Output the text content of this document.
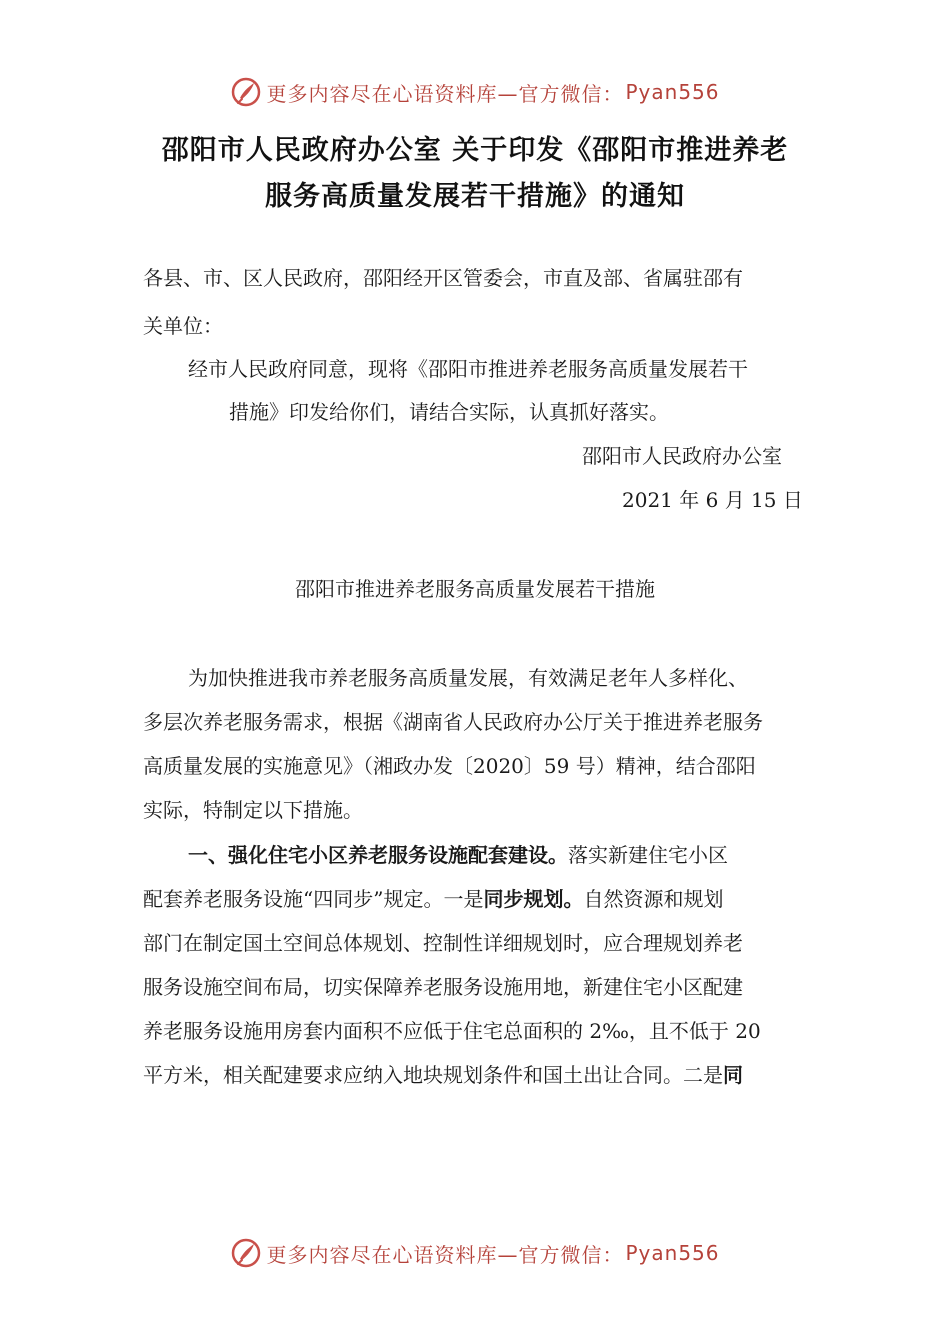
更多内容尽在心语资料库—官方微信： Pyan556
邵阳市人民政府办公室 关于印发《邵阳市推进养老
服务高质量发展若干措施》的通知
各县、市、区人民政府，邵阳经开区管委会，市直及部、省属驻邵有
关单位：
经市人民政府同意，现将《邵阳市推进养老服务高质量发展若干
措施》印发给你们，请结合实际，认真抓好落实。
邵阳市人民政府办公室
2021 年 6 月 15 日
邵阳市推进养老服务高质量发展若干措施
为加快推进我市养老服务高质量发展，有效满足老年人多样化、
多层次养老服务需求，根据《湖南省人民政府办公厅关于推进养老服务
高质量发展的实施意见》（湘政办发〔2020〕59 号）精神，结合邵阳
实际，特制定以下措施。
一、强化住宅小区养老服务设施配套建设。落实新建住宅小区
配套养老服务设施“四同步”规定。一是同步规划。自然资源和规划
部门在制定国土空间总体规划、控制性详细规划时，应合理规划养老
服务设施空间布局，切实保障养老服务设施用地，新建住宅小区配建
养老服务设施用房套内面积不应低于住宅总面积的 2‰，且不低于 20
平方米，相关配建要求应纳入地块规划条件和国土出让合同。二是同
更多内容尽在心语资料库—官方微信： Pyan556
